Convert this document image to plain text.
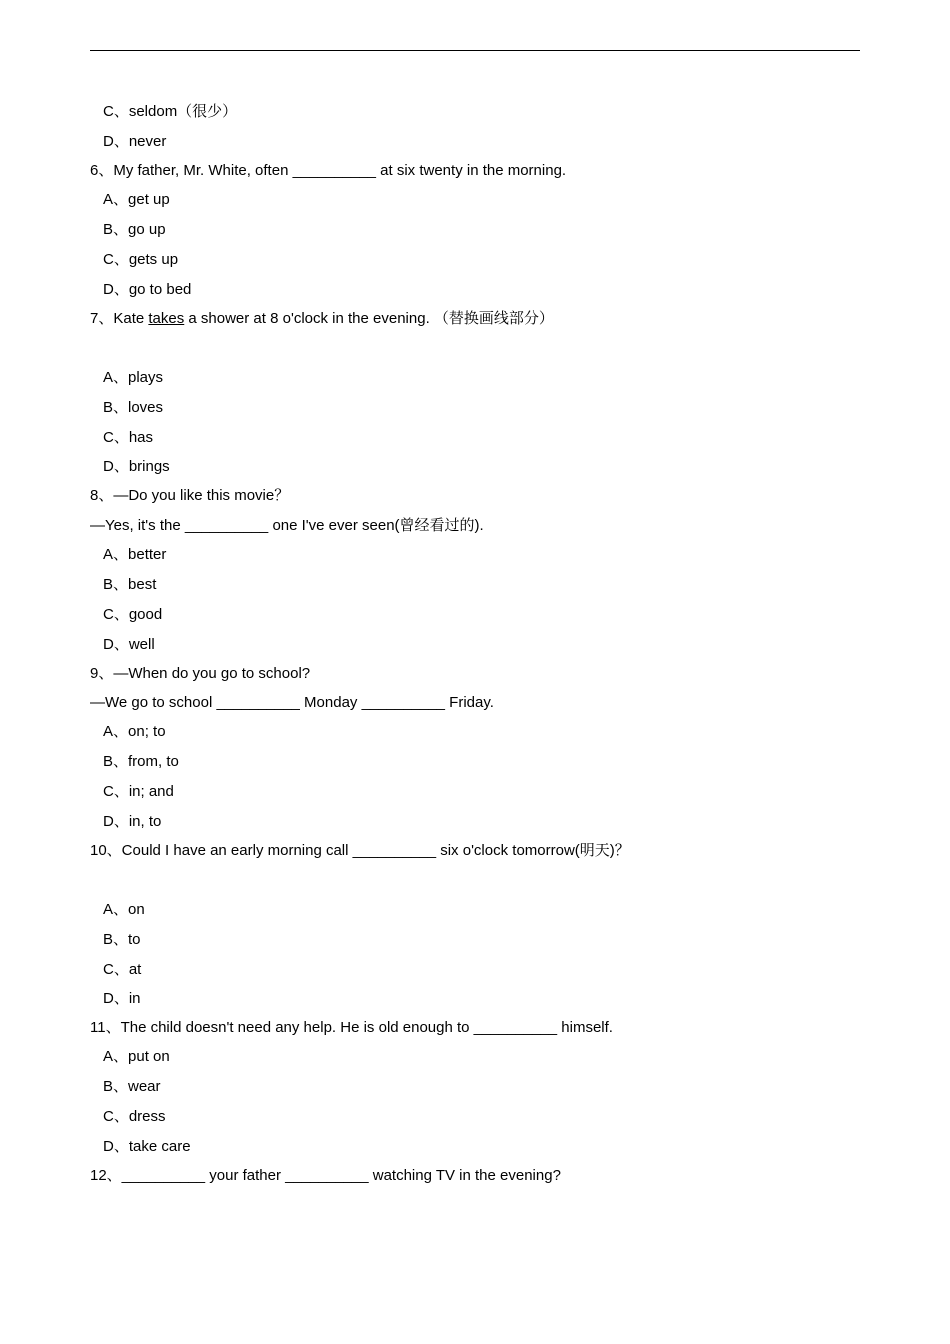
C、seldom（很少）
D、never
6、My father, Mr. White, often __________ at six twenty in the morning.
A、get up
B、go up
C、gets up
D、go to bed
7、Kate takes a shower at 8 o'clock in the evening. （替换画线部分）
A、plays
B、loves
C、has
D、brings
8、—Do you like this movie？
—Yes, it's the __________ one I've ever seen(曾经看过的).
A、better
B、best
C、good
D、well
9、—When do you go to school?
—We go to school __________ Monday __________ Friday.
A、on; to
B、from, to
C、in; and
D、in, to
10、Could I have an early morning call __________ six o'clock tomorrow(明天)？
A、on
B、to
C、at
D、in
11、The child doesn't need any help. He is old enough to __________ himself.
A、put on
B、wear
C、dress
D、take care
12、__________ your father __________ watching TV in the evening?
